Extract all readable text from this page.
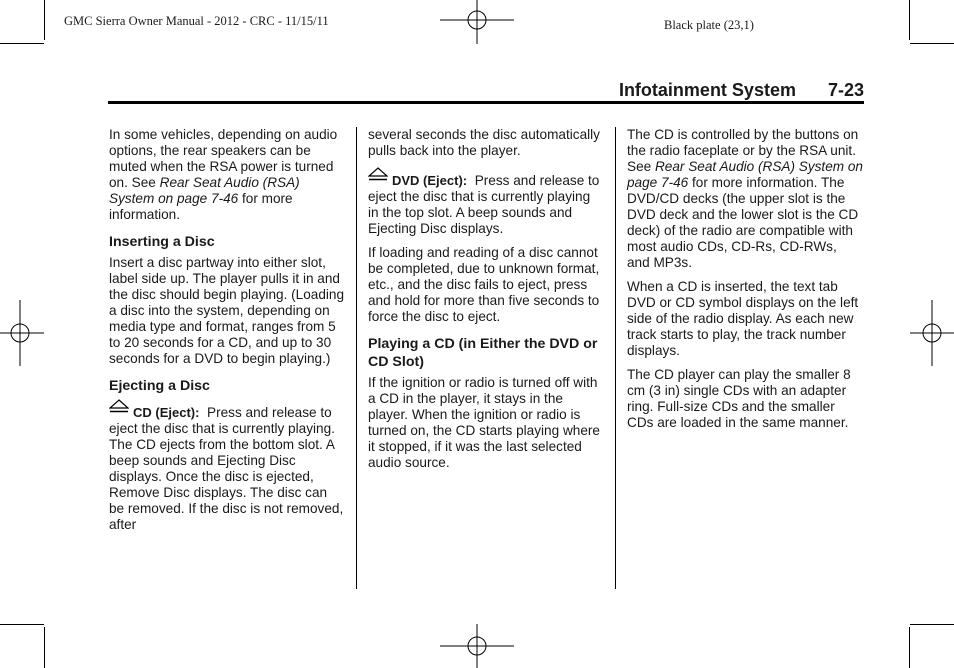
GMC Sierra Owner Manual - 2012 - CRC - 11/15/11	Black plate (23,1)
Infotainment System 7-23

In some vehicles, depending on audio options, the rear speakers can be muted when the RSA power is turned on. See Rear Seat Audio (RSA) System on page 7-46 for more information.

Inserting a Disc

Insert a disc partway into either slot, label side up. The player pulls it in and the disc should begin playing. (Loading a disc into the system, depending on media type and format, ranges from 5 to 20 seconds for a CD, and up to 30 seconds for a DVD to begin playing.)

Ejecting a Disc

CD (Eject): Press and release to eject the disc that is currently playing. The CD ejects from the bottom slot. A beep sounds and Ejecting Disc displays. Once the disc is ejected, Remove Disc displays. The disc can be removed. If the disc is not removed, after

several seconds the disc automatically pulls back into the player.

DVD (Eject): Press and release to eject the disc that is currently playing in the top slot. A beep sounds and Ejecting Disc displays.

If loading and reading of a disc cannot be completed, due to unknown format, etc., and the disc fails to eject, press and hold for more than five seconds to force the disc to eject.

Playing a CD (in Either the DVD or CD Slot)

If the ignition or radio is turned off with a CD in the player, it stays in the player. When the ignition or radio is turned on, the CD starts playing where it stopped, if it was the last selected audio source.

The CD is controlled by the buttons on the radio faceplate or by the RSA unit. See Rear Seat Audio (RSA) System on page 7-46 for more information. The DVD/CD decks (the upper slot is the DVD deck and the lower slot is the CD deck) of the radio are compatible with most audio CDs, CD-Rs, CD-RWs, and MP3s.

When a CD is inserted, the text tab DVD or CD symbol displays on the left side of the radio display. As each new track starts to play, the track number displays.

The CD player can play the smaller 8 cm (3 in) single CDs with an adapter ring. Full-size CDs and the smaller CDs are loaded in the same manner.
